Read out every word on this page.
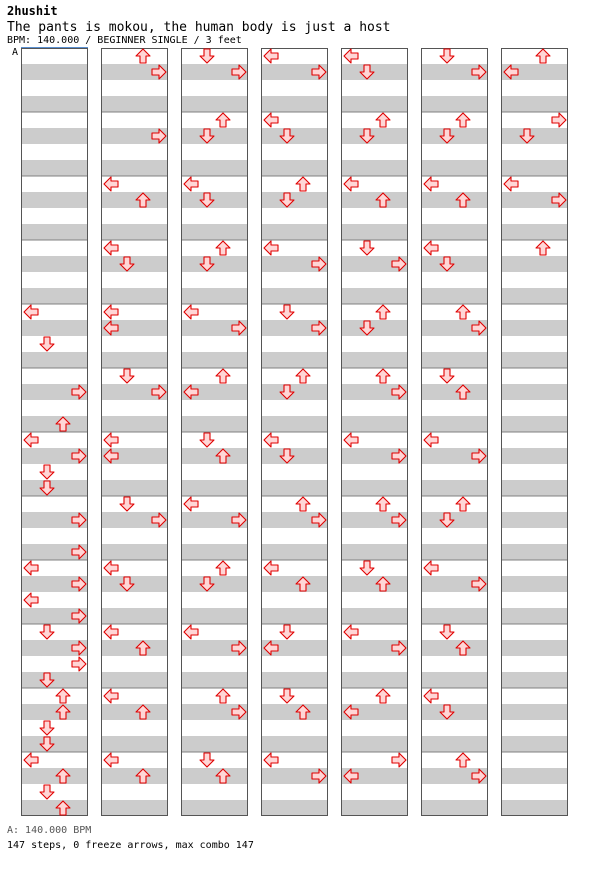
2hushit
The pants is mokou, the human body is just a host
BPM: 140.000 / BEGINNER SINGLE / 3 feet
A
A: 140.000 BPM
147 steps, 0 freeze arrows, max combo 147
